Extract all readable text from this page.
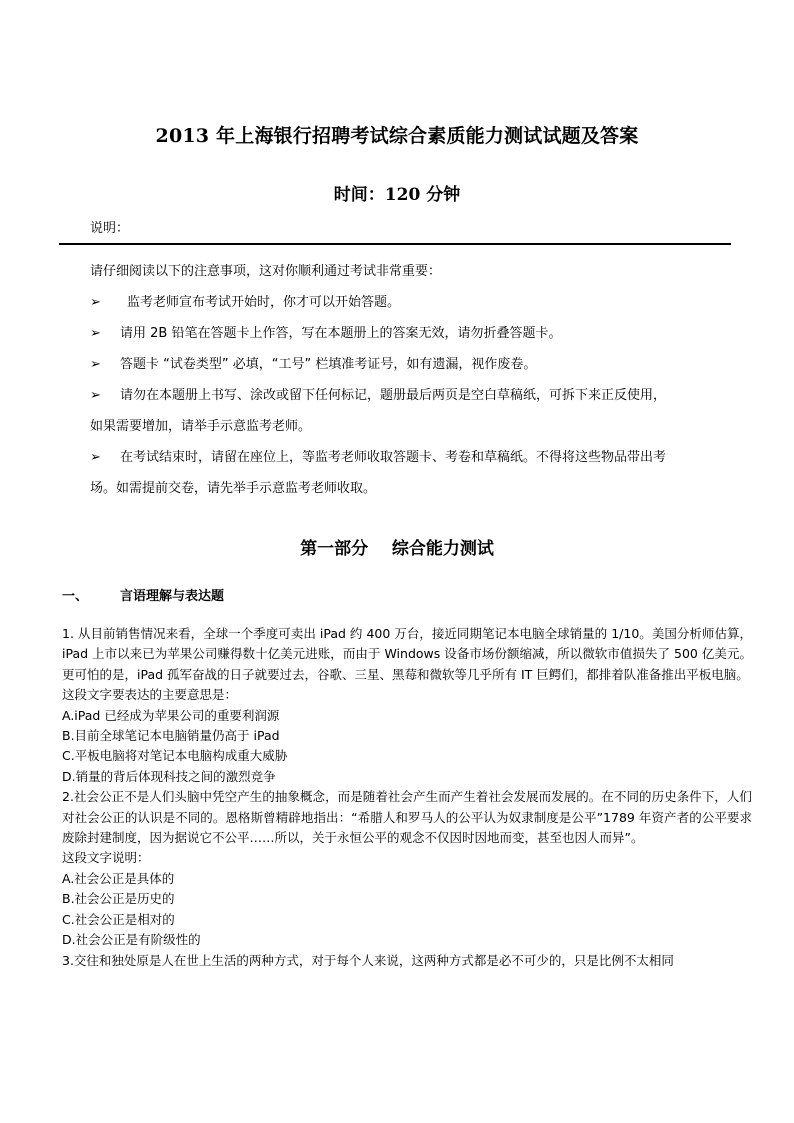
2013 年上海银行招聘考试综合素质能力测试试题及答案
时间：120 分钟
说明：

请仔细阅读以下的注意事项，这对你顺利通过考试非常重要：

➢ 监考老师宣布考试开始时，你才可以开始答题。

➢ 请用 2B 铅笔在答题卡上作答，写在本题册上的答案无效，请勿折叠答题卡。

➢ 答题卡 “试卷类型” 必填，“工号” 栏填准考证号，如有遗漏，视作废卷。

➢ 请勿在本题册上书写、涂改或留下任何标记，题册最后两页是空白草稿纸，可拆下来正反使用，

如果需要增加，请举手示意监考老师。

➢ 在考试结束时，请留在座位上，等监考老师收取答题卡、考卷和草稿纸。不得将这些物品带出考

场。如需提前交卷，请先举手示意监考老师收取。

第一部分    综合能力测试
一、 言语理解与表达题

1. 从目前销售情况来看，全球一个季度可卖出 iPad 约 400 万台，接近同期笔记本电脑全球销量的 1/10。美国分析师估算，iPad 上市以来已为苹果公司赚得数十亿美元进账，而由于 Windows 设备市场份额缩减，所以微软市值损失了 500 亿美元。更可怕的是，iPad 孤军奋战的日子就要过去，谷歌、三星、黑莓和微软等几乎所有 IT 巨鳄们，都排着队准备推出平板电脑。

这段文字要表达的主要意思是：

A.iPad 已经成为苹果公司的重要利润源

B.目前全球笔记本电脑销量仍高于 iPad

C.平板电脑将对笔记本电脑构成重大威胁

D.销量的背后体现科技之间的激烈竞争

2.社会公正不是人们头脑中凭空产生的抽象概念，而是随着社会产生而产生着社会发展而发展的。在不同的历史条件下，人们对社会公正的认识是不同的。恩格斯曾精辟地指出：“希腊人和罗马人的公平认为奴隶制度是公平”1789 年资产者的公平要求废除封建制度，因为据说它不公平……所以，关于永恒公平的观念不仅因时因地而变，甚至也因人而异”。

这段文字说明：

A.社会公正是具体的

B.社会公正是历史的

C.社会公正是相对的

D.社会公正是有阶级性的

3.交往和独处原是人在世上生活的两种方式，对于每个人来说，这两种方式都是必不可少的，只是比例不太相同
